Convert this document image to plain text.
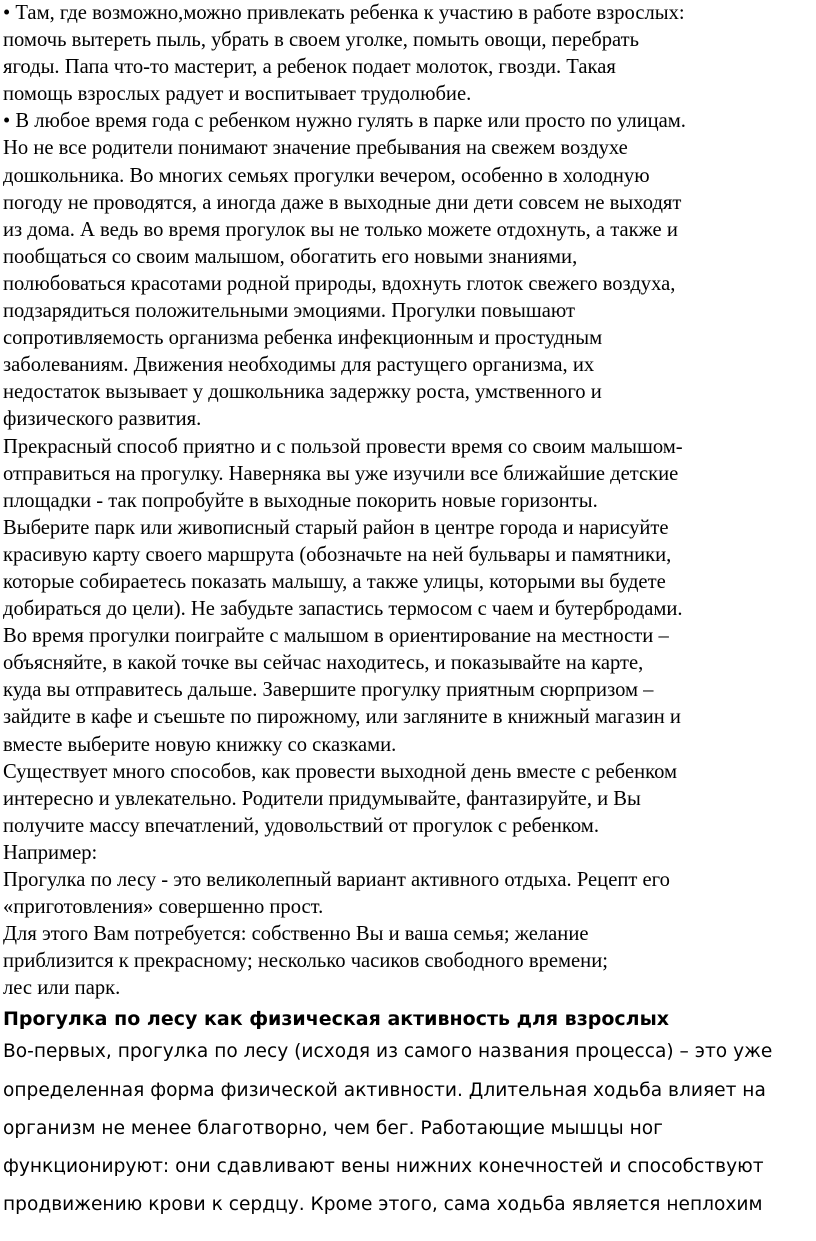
• Там, где возможно,можно привлекать ребенка к участию в работе взрослых:

помочь вытереть пыль, убрать в своем уголке, помыть овощи, перебрать

ягоды. Папа что-то мастерит, а ребенок подает молоток, гвозди. Такая

помощь взрослых радует и воспитывает трудолюбие.

• В любое время года с ребенком нужно гулять в парке или просто по улицам.

Но не все родители понимают значение пребывания на свежем воздухе

дошкольника. Во многих семьях прогулки вечером, особенно в холодную

погоду не проводятся, а иногда даже в выходные дни дети совсем не выходят

из дома. А ведь во время прогулок вы не только можете отдохнуть, а также и

пообщаться со своим малышом, обогатить его новыми знаниями,

полюбоваться красотами родной природы, вдохнуть глоток свежего воздуха,

подзарядиться положительными эмоциями. Прогулки повышают

сопротивляемость организма ребенка инфекционным и простудным

заболеваниям. Движения необходимы для растущего организма, их

недостаток вызывает у дошкольника задержку роста, умственного и

физического развития.

Прекрасный способ приятно и с пользой провести время со своим малышом-

отправиться на прогулку. Наверняка вы уже изучили все ближайшие детские

площадки - так попробуйте в выходные покорить новые горизонты.

Выберите парк или живописный старый район в центре города и нарисуйте

красивую карту своего маршрута (обозначьте на ней бульвары и памятники,

которые собираетесь показать малышу, а также улицы, которыми вы будете

добираться до цели). Не забудьте запастись термосом с чаем и бутербродами.

Во время прогулки поиграйте с малышом в ориентирование на местности –

объясняйте, в какой точке вы сейчас находитесь, и показывайте на карте,

куда вы отправитесь дальше. Завершите прогулку приятным сюрпризом –

зайдите в кафе и съешьте по пирожному, или загляните в книжный магазин и

вместе выберите новую книжку со сказками.

Существует много способов, как провести выходной день вместе с ребенком

интересно и увлекательно. Родители придумывайте, фантазируйте, и Вы

получите массу впечатлений, удовольствий от прогулок с ребенком.

Например:

Прогулка по лесу - это великолепный вариант активного отдыха. Рецепт его

«приготовления» совершенно прост.

Для этого Вам потребуется: собственно Вы и ваша семья; желание

приблизится к прекрасному; несколько часиков свободного времени;

лес или парк.

Прогулка по лесу как физическая активность для взрослых

Во-первых, прогулка по лесу (исходя из самого названия процесса) – это уже

определенная форма физической активности. Длительная ходьба влияет на

организм не менее благотворно, чем бег. Работающие мышцы ног

функционируют: они сдавливают вены нижних конечностей и способствуют

продвижению крови к сердцу. Кроме этого, сама ходьба является неплохим
